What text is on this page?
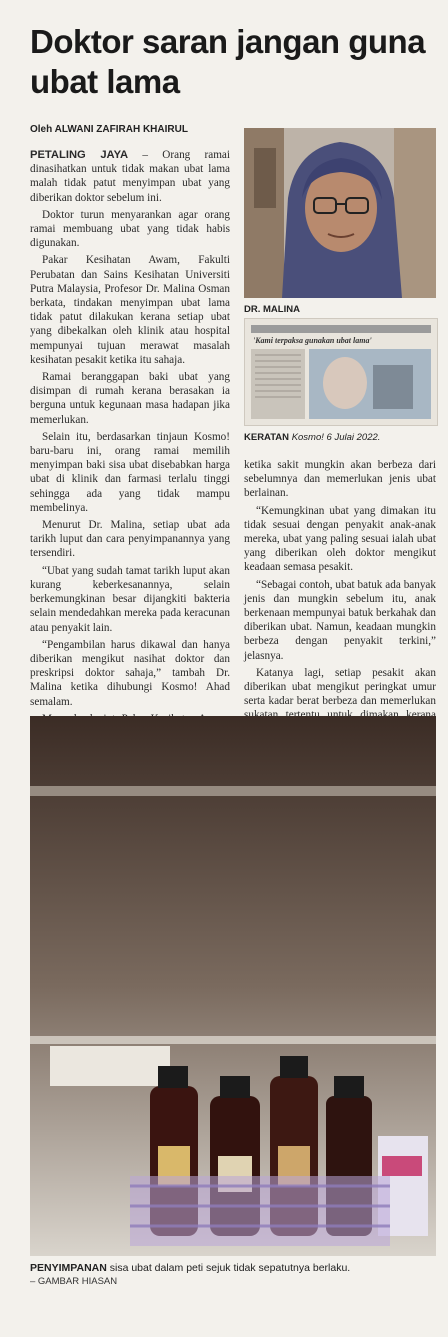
Doktor saran jangan guna ubat lama
Oleh ALWANI ZAFIRAH KHAIRUL

PETALING JAYA – Orang ramai dinasihatkan untuk tidak makan ubat lama malah tidak patut menyimpan ubat yang diberikan doktor sebelum ini.

Doktor turun menyarankan agar orang ramai membuang ubat yang tidak habis digunakan.

Pakar Kesihatan Awam, Fakulti Perubatan dan Sains Kesihatan Universiti Putra Malaysia, Profesor Dr. Malina Osman berkata, tindakan menyimpan ubat lama tidak patut dilakukan kerana setiap ubat yang dibekalkan oleh klinik atau hospital mempunyai tujuan merawat masalah kesihatan pesakit ketika itu sahaja.

Ramai beranggapan baki ubat yang disimpan di rumah kerana berasakan ia berguna untuk kegunaan masa hadapan jika memerlukan.

Selain itu, berdasarkan tinjaun Kosmo! baru-baru ini, orang ramai memilih menyimpan baki sisa ubat disebabkan harga ubat di klinik dan farmasi terlalu tinggi sehingga ada yang tidak mampu membelinya.

Menurut Dr. Malina, setiap ubat ada tarikh luput dan cara penyimpanannya yang tersendiri.

“Ubat yang sudah tamat tarikh luput akan kurang keberkesanannya, selain berkemungkinan besar dijangkiti bakteria selain mendedahkan mereka pada keracunan atau penyakit lain.

“Pengambilan harus dikawal dan hanya diberikan mengikut nasihat doktor dan preskripsi doktor sahaja,” tambah Dr. Malina ketika dihubungi Kosmo! Ahad semalam.

DR. MALINA
'Kami terpaksa gunakan ubat lama'
KERATAN Kosmo! 6 Julai 2022.

ketika sakit mungkin akan berbeza dari sebelumnya dan memerlukan jenis ubat berlainan.

“Kemungkinan ubat yang dimakan itu tidak sesuai dengan penyakit anak-anak mereka, ubat yang paling sesuai ialah ubat yang diberikan oleh doktor mengikut keadaan semasa pesakit.

“Sebagai contoh, ubat batuk ada banyak jenis dan mungkin sebelum itu, anak berkenaan mempunyai batuk berkahak dan diberikan ubat. Namun, keadaan mungkin berbeza dengan penyakit terkini,” jelasnya.

Katanya lagi, setiap pesakit akan diberikan ubat mengikut peringkat umur serta kadar berat berbeza dan memerlukan

PENYIMPANAN sisa ubat dalam peti sejuk tidak sepatutnya berlaku.
– GAMBAR HIASAN
